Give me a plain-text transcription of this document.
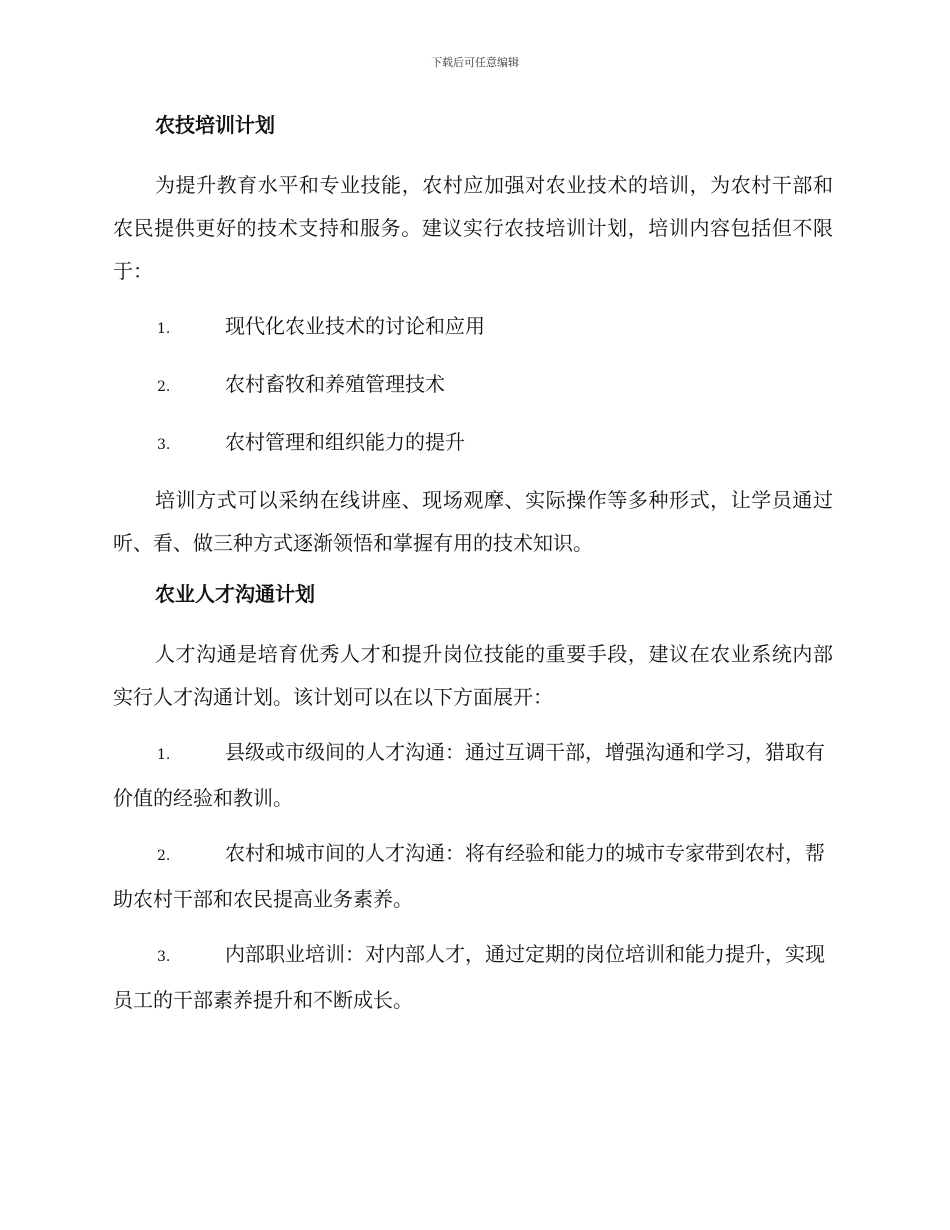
下载后可任意编辑
农技培训计划
为提升教育水平和专业技能，农村应加强对农业技术的培训，为农村干部和农民提供更好的技术支持和服务。建议实行农技培训计划，培训内容包括但不限于：
1.	现代化农业技术的讨论和应用
2.	农村畜牧和养殖管理技术
3.	农村管理和组织能力的提升
培训方式可以采纳在线讲座、现场观摩、实际操作等多种形式，让学员通过听、看、做三种方式逐渐领悟和掌握有用的技术知识。
农业人才沟通计划
人才沟通是培育优秀人才和提升岗位技能的重要手段，建议在农业系统内部实行人才沟通计划。该计划可以在以下方面展开：
1.	县级或市级间的人才沟通：通过互调干部，增强沟通和学习，猎取有价值的经验和教训。
2.	农村和城市间的人才沟通：将有经验和能力的城市专家带到农村，帮助农村干部和农民提高业务素养。
3.	内部职业培训：对内部人才，通过定期的岗位培训和能力提升，实现员工的干部素养提升和不断成长。
